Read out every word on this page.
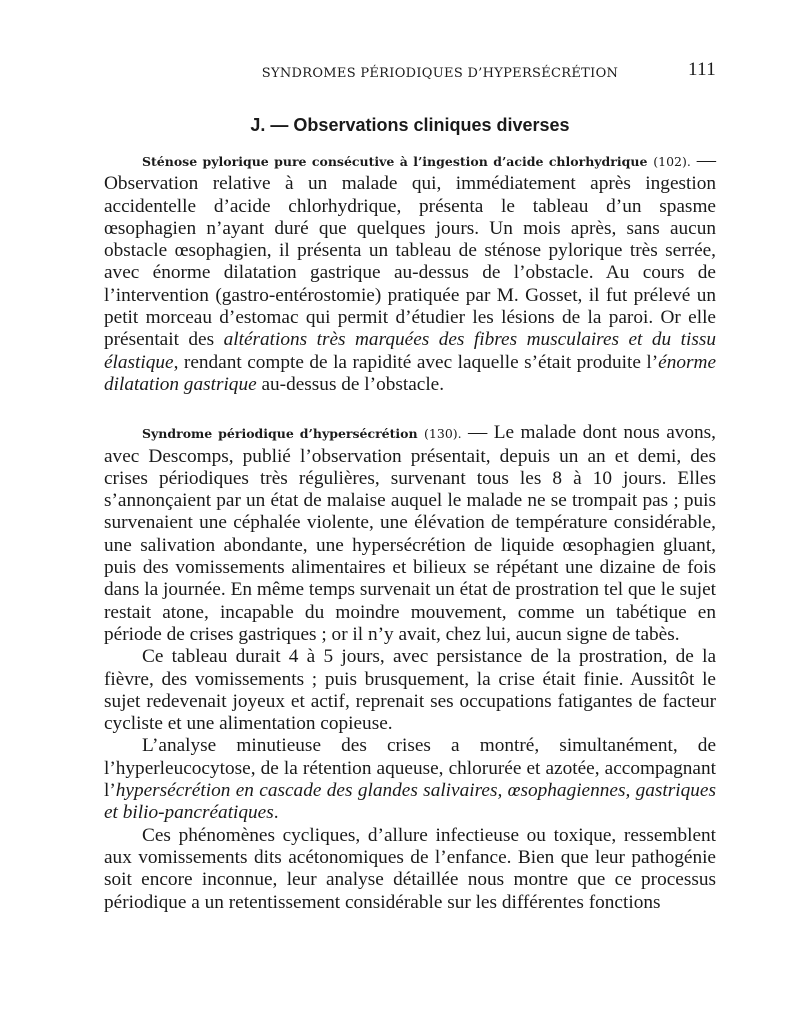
SYNDROMES PÉRIODIQUES D’HYPERSÉCRÉTION	111
J. — Observations cliniques diverses

Sténose pylorique pure consécutive à l’ingestion d’acide chlorhydrique (102). — Observation relative à un malade qui, immédiatement après ingestion accidentelle d’acide chlorhydrique, présenta le tableau d’un spasme œsophagien n’ayant duré que quelques jours. Un mois après, sans aucun obstacle œsophagien, il présenta un tableau de sténose pylorique très serrée, avec énorme dilatation gastrique au-dessus de l’obstacle. Au cours de l’intervention (gastro-entérostomie) pratiquée par M. Gosset, il fut prélevé un petit morceau d’estomac qui permit d’étudier les lésions de la paroi. Or elle présentait des altérations très marquées des fibres musculaires et du tissu élastique, rendant compte de la rapidité avec laquelle s’était produite l’énorme dilatation gastrique au-dessus de l’obstacle.

Syndrome périodique d’hypersécrétion (130). — Le malade dont nous avons, avec Descomps, publié l’observation présentait, depuis un an et demi, des crises périodiques très régulières, survenant tous les 8 à 10 jours. Elles s’annonçaient par un état de malaise auquel le malade ne se trompait pas ; puis survenaient une céphalée violente, une élévation de température considérable, une salivation abondante, une hypersécrétion de liquide œsophagien gluant, puis des vomissements alimentaires et bilieux se répétant une dizaine de fois dans la journée. En même temps survenait un état de prostration tel que le sujet restait atone, incapable du moindre mouvement, comme un tabétique en période de crises gastriques ; or il n’y avait, chez lui, aucun signe de tabès.

Ce tableau durait 4 à 5 jours, avec persistance de la prostration, de la fièvre, des vomissements ; puis brusquement, la crise était finie. Aussitôt le sujet redevenait joyeux et actif, reprenait ses occupations fatigantes de facteur cycliste et une alimentation copieuse.

L’analyse minutieuse des crises a montré, simultanément, de l’hyperleucocytose, de la rétention aqueuse, chlorurée et azotée, accompagnant l’hypersécrétion en cascade des glandes salivaires, œsophagiennes, gastriques et bilio-pancréatiques.

Ces phénomènes cycliques, d’allure infectieuse ou toxique, ressemblent aux vomissements dits acétonomiques de l’enfance. Bien que leur pathogénie soit encore inconnue, leur analyse détaillée nous montre que ce processus périodique a un retentissement considérable sur les différentes fonctions
